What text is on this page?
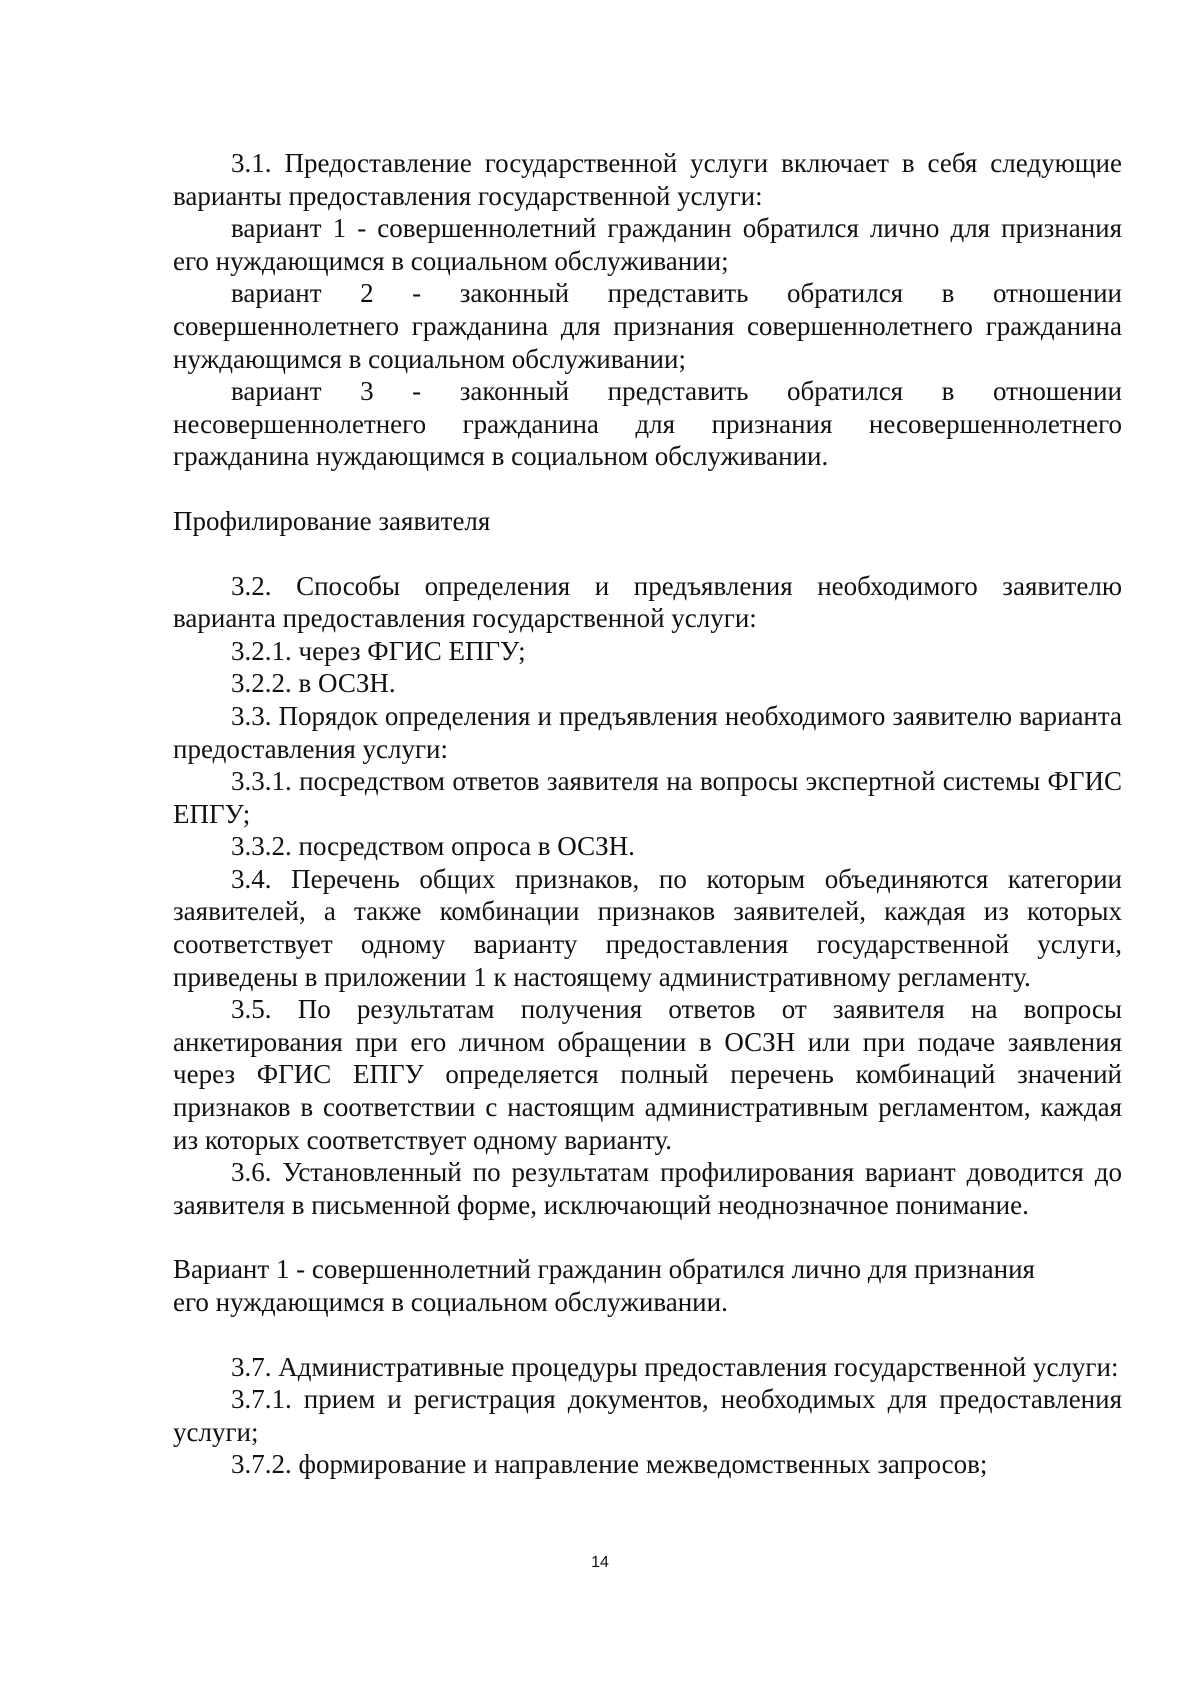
3.1. Предоставление государственной услуги включает в себя следующие варианты предоставления государственной услуги:

вариант 1 - совершеннолетний гражданин обратился лично для признания его нуждающимся в социальном обслуживании;

вариант 2 - законный представить обратился в отношении совершеннолетнего гражданина для признания совершеннолетнего гражданина нуждающимся в социальном обслуживании;

вариант 3 - законный представить обратился в отношении несовершеннолетнего гражданина для признания несовершеннолетнего гражданина нуждающимся в социальном обслуживании.

Профилирование заявителя

3.2. Способы определения и предъявления необходимого заявителю варианта предоставления государственной услуги:

3.2.1. через ФГИС ЕПГУ;

3.2.2. в ОСЗН.

3.3. Порядок определения и предъявления необходимого заявителю варианта предоставления услуги:

3.3.1. посредством ответов заявителя на вопросы экспертной системы ФГИС ЕПГУ;

3.3.2. посредством опроса в ОСЗН.

3.4. Перечень общих признаков, по которым объединяются категории заявителей, а также комбинации признаков заявителей, каждая из которых соответствует одному варианту предоставления государственной услуги, приведены в приложении 1 к настоящему административному регламенту.

3.5. По результатам получения ответов от заявителя на вопросы анкетирования при его личном обращении в ОСЗН или при подаче заявления через ФГИС ЕПГУ определяется полный перечень комбинаций значений признаков в соответствии с настоящим административным регламентом, каждая из которых соответствует одному варианту.

3.6. Установленный по результатам профилирования вариант доводится до заявителя в письменной форме, исключающий неоднозначное понимание.

Вариант 1 - совершеннолетний гражданин обратился лично для признания

его нуждающимся в социальном обслуживании.

3.7. Административные процедуры предоставления государственной услуги:

3.7.1. прием и регистрация документов, необходимых для предоставления услуги;

3.7.2. формирование и направление межведомственных запросов;

14
